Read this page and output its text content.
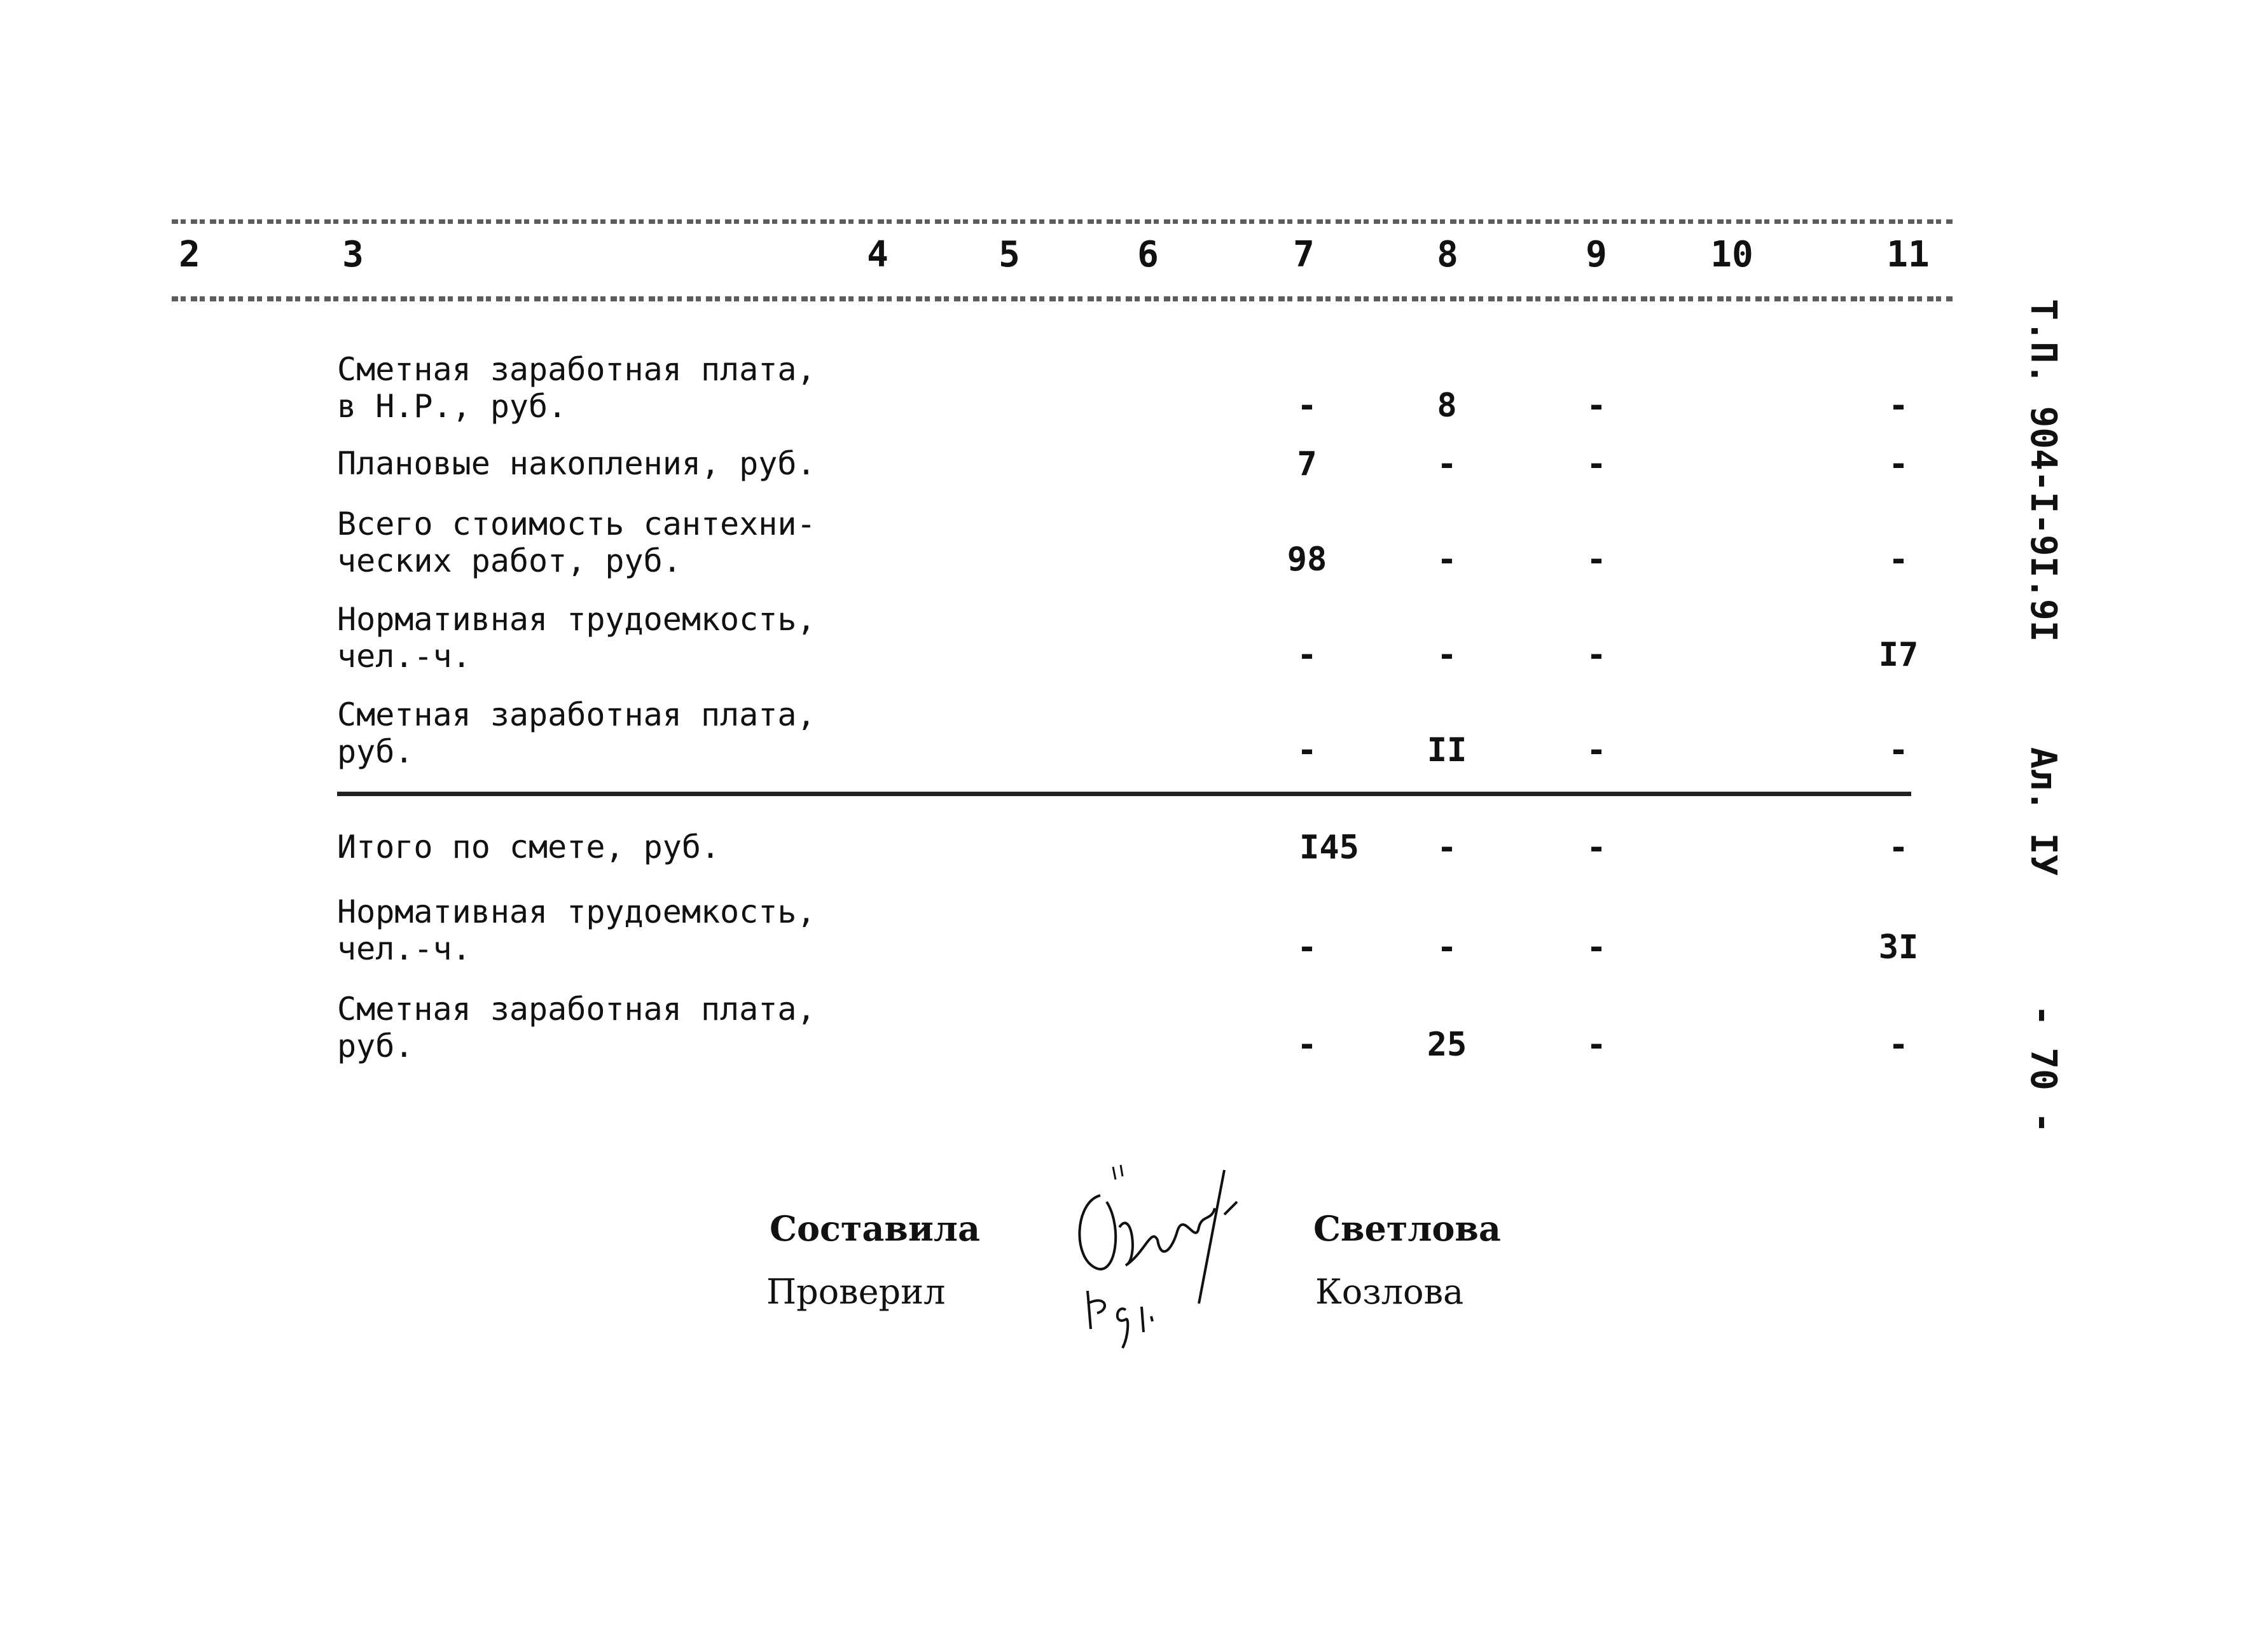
2	3	4	5	6	7	8	9	10	11
Сметная заработная плата,
в Н.Р., руб.	-	8	-	-
Плановые накопления, руб.	7	-	-	-
Всего стоимость сантехни-
ческих работ, руб.	98	-	-	-
Нормативная трудоемкость,
чел.-ч.	-	-	-	I7
Сметная заработная плата,
руб.	-	II	-	-
Итого по смете, руб.	I45	-	-	-
Нормативная трудоемкость,
чел.-ч.	-	-	-	3I
Сметная заработная плата,
руб.	-	25	-	-
Т.П. 904-I-9I.9I
Ал. IУ
- 70 -
Составила
Проверил
Светлова
Козлова
